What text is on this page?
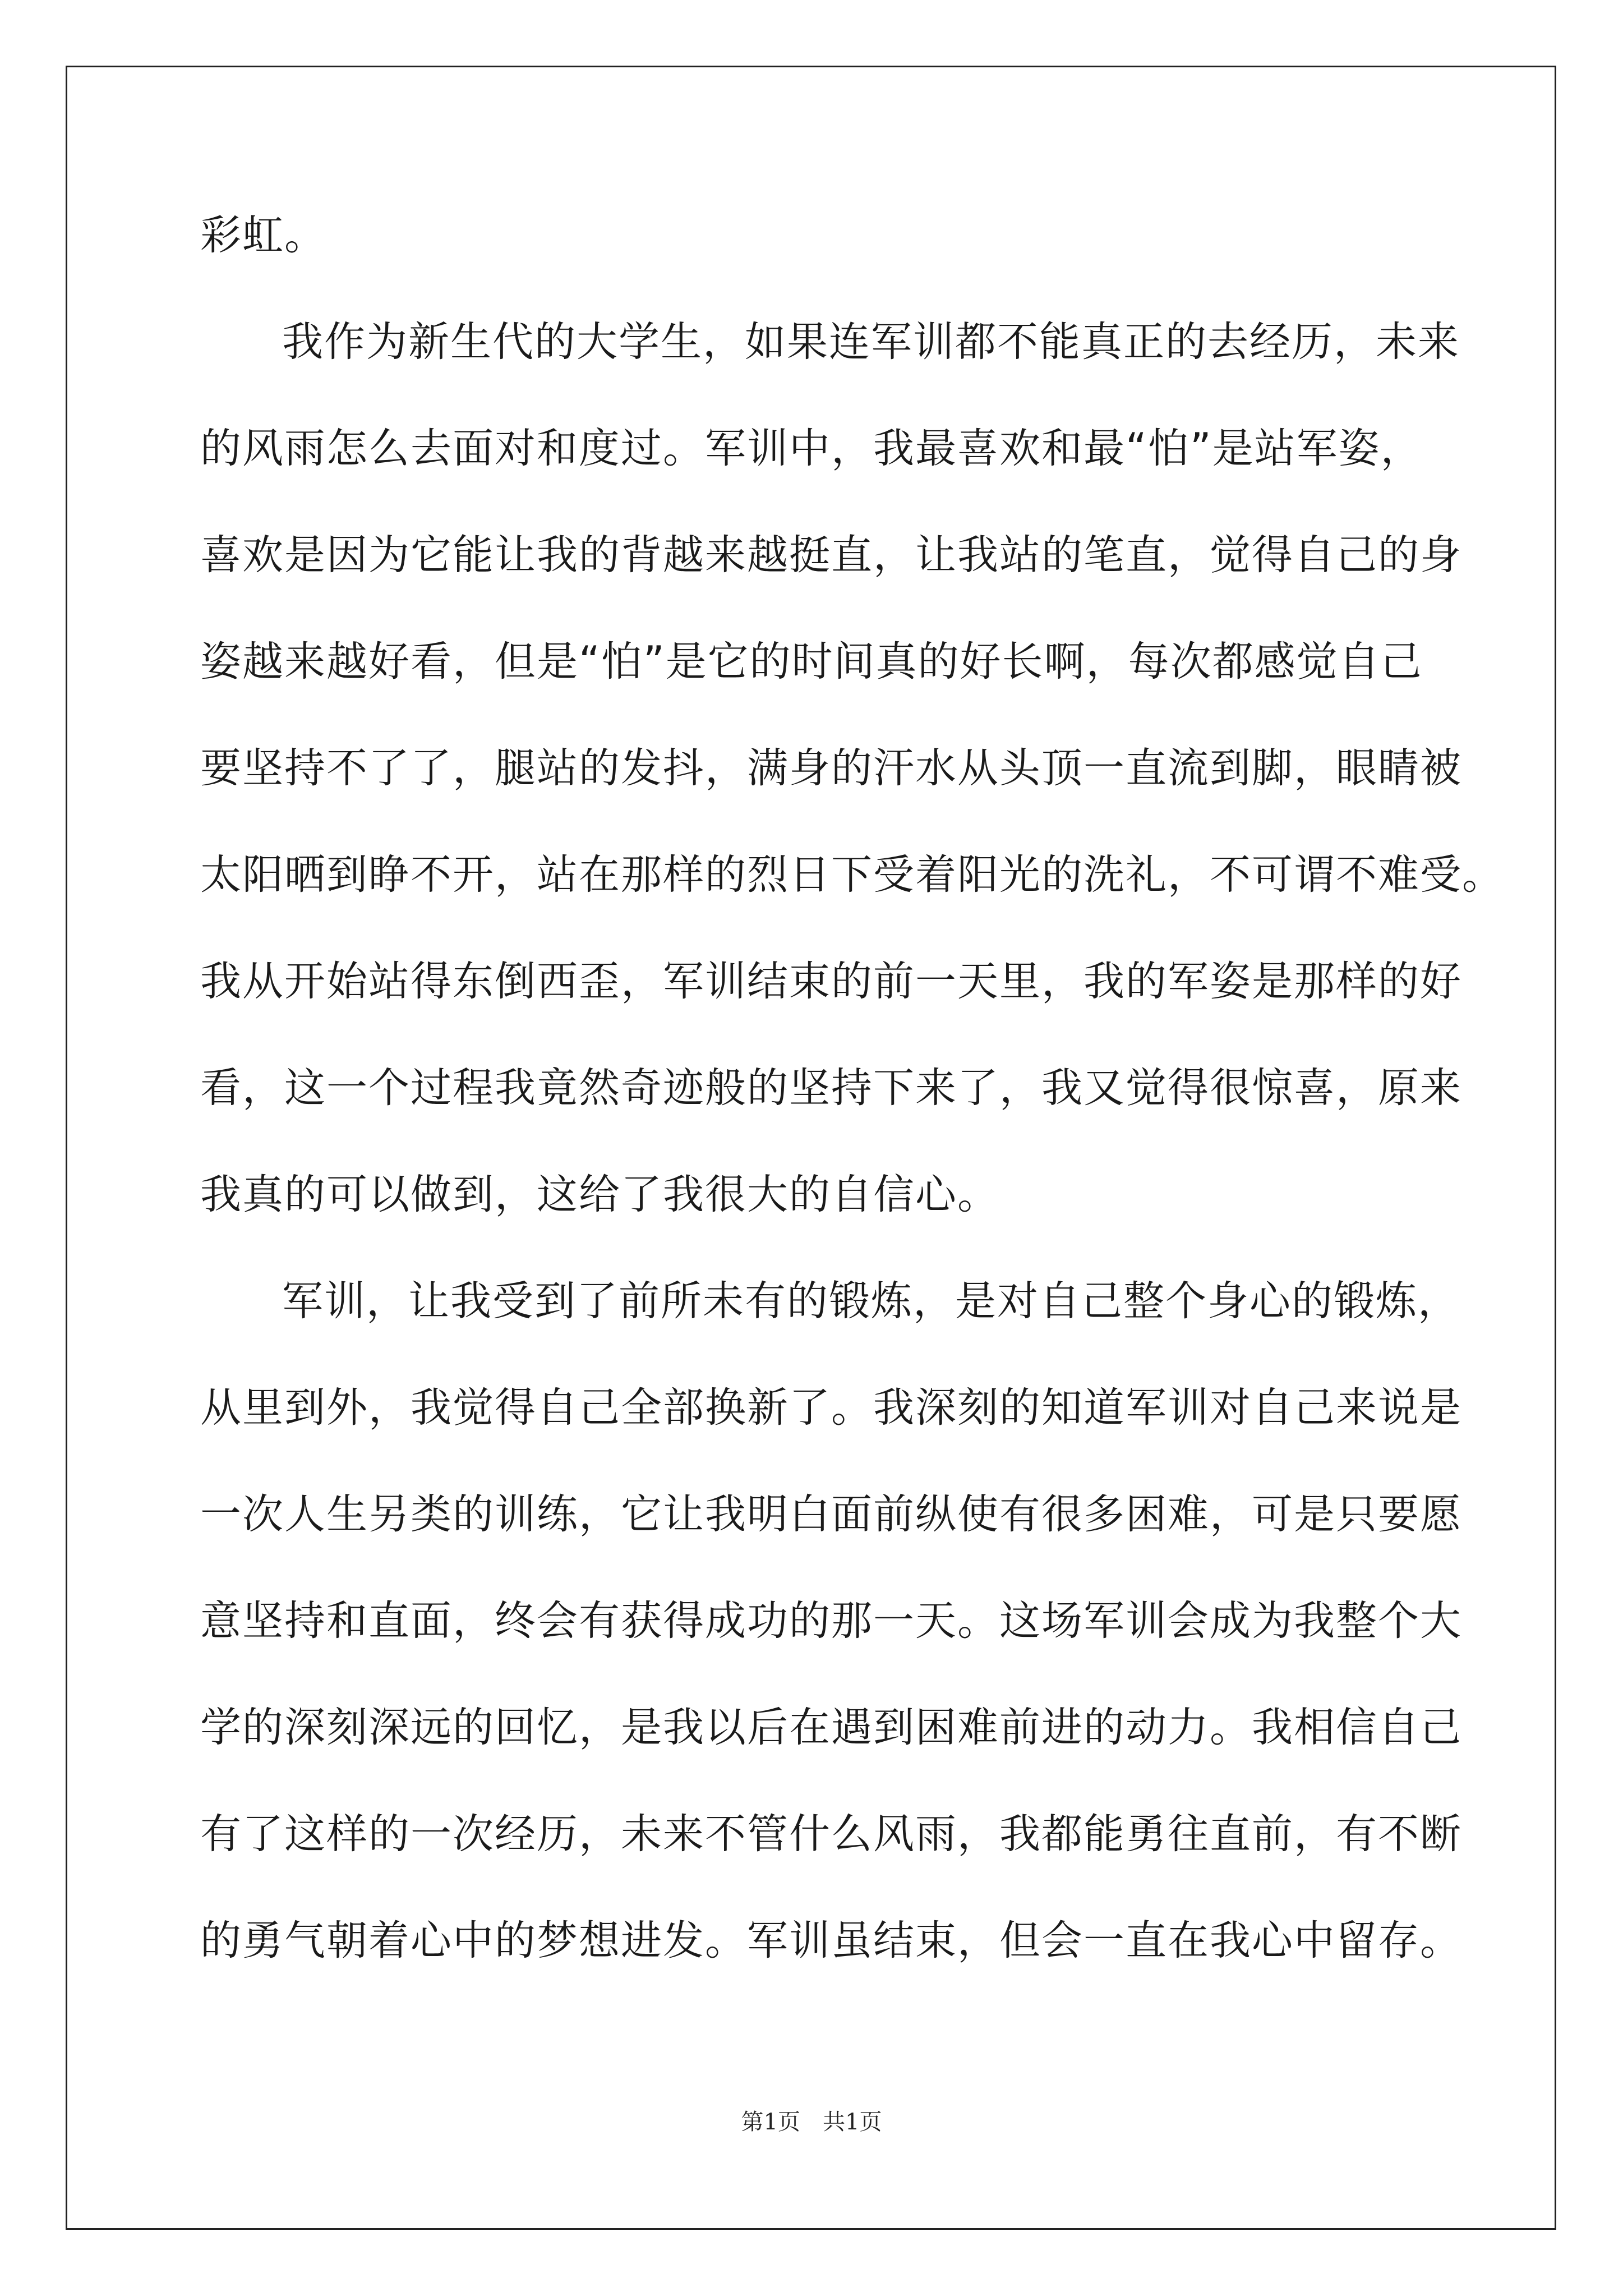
彩虹。
我作为新生代的大学生，如果连军训都不能真正的去经历，未来
的风雨怎么去面对和度过。军训中，我最喜欢和最“怕”是站军姿，
喜欢是因为它能让我的背越来越挺直，让我站的笔直，觉得自己的身
姿越来越好看，但是“怕”是它的时间真的好长啊，每次都感觉自己
要坚持不了了，腿站的发抖，满身的汗水从头顶一直流到脚，眼睛被
太阳晒到睁不开，站在那样的烈日下受着阳光的洗礼，不可谓不难受。
我从开始站得东倒西歪，军训结束的前一天里，我的军姿是那样的好
看，这一个过程我竟然奇迹般的坚持下来了，我又觉得很惊喜，原来
我真的可以做到，这给了我很大的自信心。
军训，让我受到了前所未有的锻炼，是对自己整个身心的锻炼，
从里到外，我觉得自己全部换新了。我深刻的知道军训对自己来说是
一次人生另类的训练，它让我明白面前纵使有很多困难，可是只要愿
意坚持和直面，终会有获得成功的那一天。这场军训会成为我整个大
学的深刻深远的回忆，是我以后在遇到困难前进的动力。我相信自己
有了这样的一次经历，未来不管什么风雨，我都能勇往直前，有不断
的勇气朝着心中的梦想进发。军训虽结束，但会一直在我心中留存。
第1页　共1页
